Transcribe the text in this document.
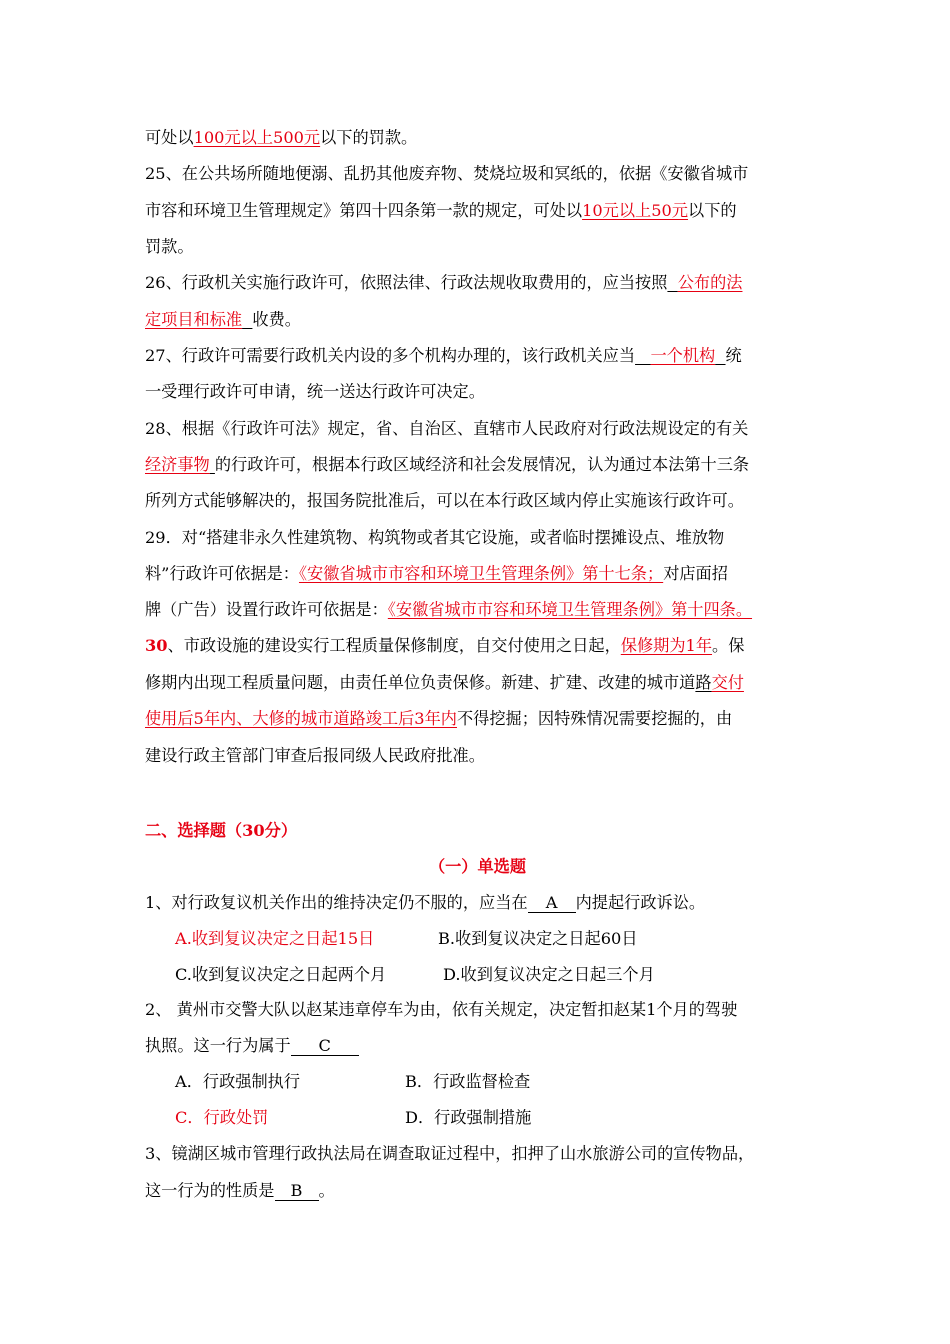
可处以100元以上500元以下的罚款。
25、在公共场所随地便溺、乱扔其他废弃物、焚烧垃圾和冥纸的，依据《安徽省城市
市容和环境卫生管理规定》第四十四条第一款的规定，可处以10元以上50元以下的
罚款。
26、行政机关实施行政许可，依照法律、行政法规收取费用的，应当按照 公布的法
定项目和标准 收费。
27、行政许可需要行政机关内设的多个机构办理的，该行政机关应当 一个机构 统
一受理行政许可申请，统一送达行政许可决定。
28、根据《行政许可法》规定，省、自治区、直辖市人民政府对行政法规设定的有关
经济事物 的行政许可，根据本行政区域经济和社会发展情况，认为通过本法第十三条
所列方式能够解决的，报国务院批准后，可以在本行政区域内停止实施该行政许可。
29．对“搭建非永久性建筑物、构筑物或者其它设施，或者临时摆摊设点、堆放物
料”行政许可依据是：《安徽省城市市容和环境卫生管理条例》第十七条；对店面招
牌（广告）设置行政许可依据是：《安徽省城市市容和环境卫生管理条例》第十四条。
30、市政设施的建设实行工程质量保修制度，自交付使用之日起，保修期为1年。保
修期内出现工程质量问题，由责任单位负责保修。新建、扩建、改建的城市道路交付
使用后5年内、大修的城市道路竣工后3年内不得挖掘；因特殊情况需要挖掘的，由
建设行政主管部门审查后报同级人民政府批准。
二、选择题（30分）
（一）单选题
1、对行政复议机关作出的维持决定仍不服的，应当在 A 内提起行政诉讼。
A.收到复议决定之日起15日	B.收到复议决定之日起60日
C.收到复议决定之日起两个月	D.收到复议决定之日起三个月
2、 黄州市交警大队以赵某违章停车为由，依有关规定，决定暂扣赵某1个月的驾驶
执照。这一行为属于 C
A．行政强制执行	B．行政监督检查
C．行政处罚	D．行政强制措施
3、镜湖区城市管理行政执法局在调查取证过程中，扣押了山水旅游公司的宣传物品，
这一行为的性质是 B 。
